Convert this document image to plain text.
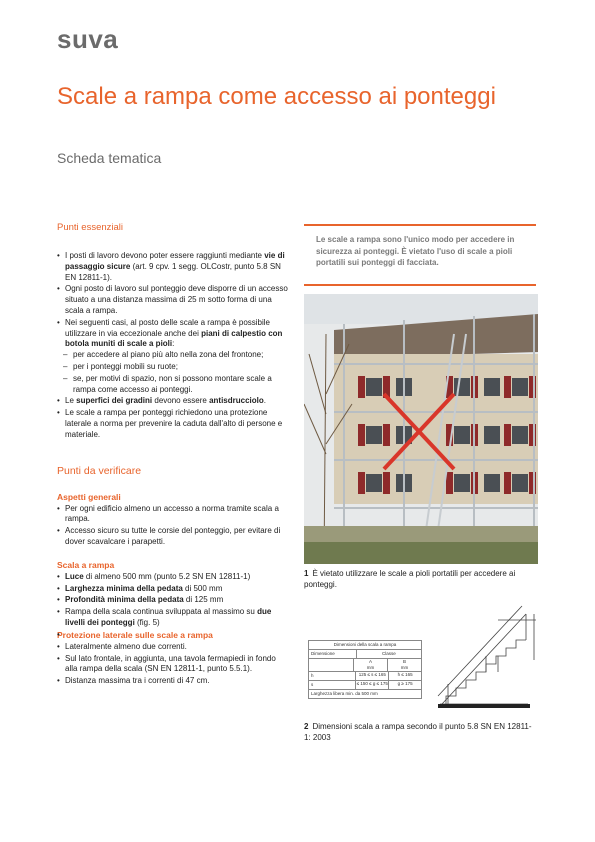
suva
Scale a rampa come accesso ai ponteggi
Scheda tematica
Punti essenziali
• I posti di lavoro devono poter essere raggiunti mediante vie di passaggio sicure (art. 9 cpv. 1 segg. OLCostr, punto 5.8 SN EN 12811-1).
• Ogni posto di lavoro sul ponteggio deve disporre di un accesso situato a una distanza massima di 25 m sotto forma di una scala a rampa.
• Nei seguenti casi, al posto delle scale a rampa è possibile utilizzare in via eccezionale anche dei piani di calpestio con botola muniti di scale a pioli:
– per accedere al piano più alto nella zona del frontone;
– per i ponteggi mobili su ruote;
– se, per motivi di spazio, non si possono montare scale a rampa come accesso ai ponteggi.
• Le superfici dei gradini devono essere antisdrucciolo.
• Le scale a rampa per ponteggi richiedono una protezione laterale a norma per prevenire la caduta dall'alto di persone e materiale.
Punti da verificare
Aspetti generali
• Per ogni edificio almeno un accesso a norma tramite scala a rampa.
• Accesso sicuro su tutte le corsie del ponteggio, per evitare di dover scavalcare i parapetti.
Scala a rampa
• Luce di almeno 500 mm (punto 5.2 SN EN 12811-1)
• Larghezza minima della pedata di 500 mm
• Profondità minima della pedata di 125 mm
• Rampa della scala continua sviluppata al massimo su due livelli dei ponteggi (fig. 5)
Protezione laterale sulle scale a rampa
• Lateralmente almeno due correnti.
• Sul lato frontale, in aggiunta, una tavola fermapiedi in fondo alla rampa della scala (SN EN 12811-1, punto 5.5.1).
• Distanza massima tra i correnti di 47 cm.
Le scale a rampa sono l'unico modo per accedere in sicurezza ai ponteggi. È vietato l'uso di scale a pioli portatili sui ponteggi di facciata.
1 È vietato utilizzare le scale a pioli portatili per accedere ai ponteggi.
Dimensioni della scala a rampa
Dimensione	Classe
A
mm
B
mm
h	125 ≤ s ≤ 165	h ≤ 165
s	≤ 150 ≤ g ≤ 175	g ≥ 175
Larghezza libera min. da 500 mm
2 Dimensioni scala a rampa secondo il punto 5.8 SN EN 12811-1: 2003
